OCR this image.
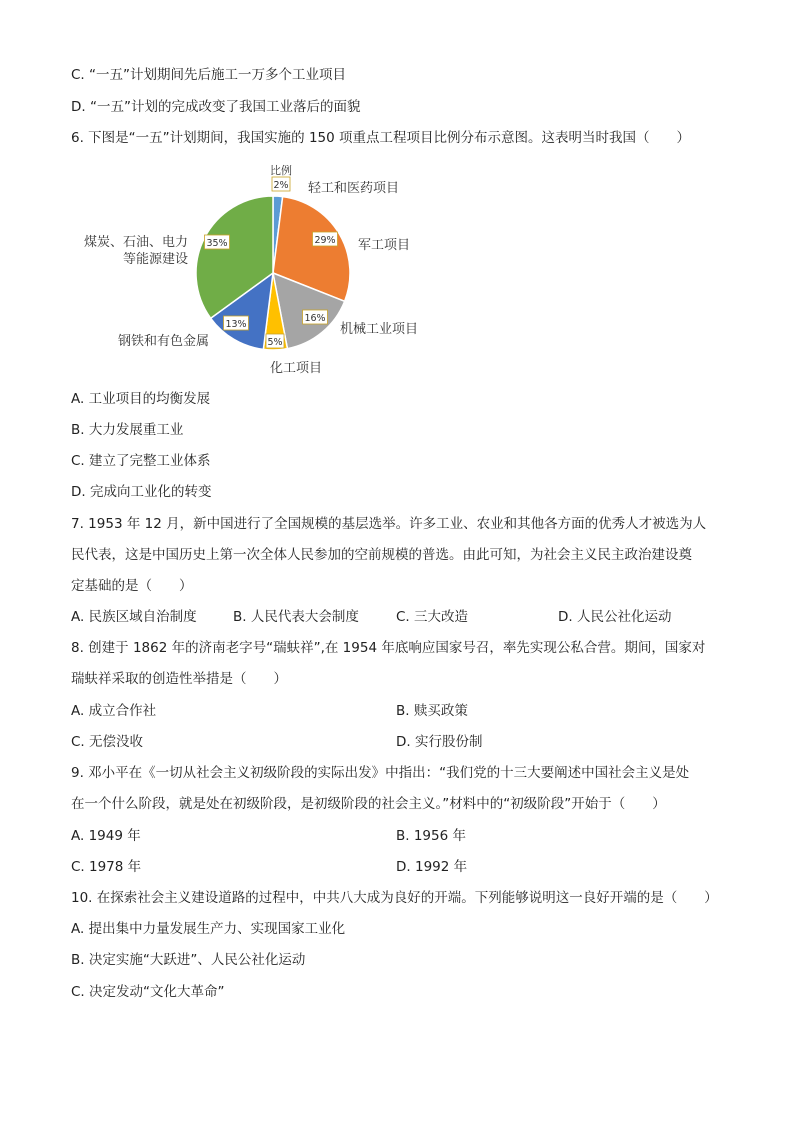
C. “一五”计划期间先后施工一万多个工业项目
D. “一五”计划的完成改变了我国工业落后的面貌
6. 下图是“一五”计划期间，我国实施的 150 项重点工程项目比例分布示意图。这表明当时我国（　　）
比例
2%
29%
16%
5%
13%
35%
轻工和医药项目
军工项目
机械工业项目
化工项目
钢铁和有色金属
煤炭、石油、电力
等能源建设
A. 工业项目的均衡发展
B. 大力发展重工业
C. 建立了完整工业体系
D. 完成向工业化的转变
7. 1953 年 12 月，新中国进行了全国规模的基层选举。许多工业、农业和其他各方面的优秀人才被选为人
民代表，这是中国历史上第一次全体人民参加的空前规模的普选。由此可知，为社会主义民主政治建设奠
定基础的是（　　）
A. 民族区域自治制度	B. 人民代表大会制度	C. 三大改造	D. 人民公社化运动
8. 创建于 1862 年的济南老字号“瑞蚨祥”,在 1954 年底响应国家号召，率先实现公私合营。期间，国家对
瑞蚨祥采取的创造性举措是（　　）
A. 成立合作社	B. 赎买政策
C. 无偿没收	D. 实行股份制
9. 邓小平在《一切从社会主义初级阶段的实际出发》中指出：“我们党的十三大要阐述中国社会主义是处
在一个什么阶段，就是处在初级阶段，是初级阶段的社会主义。”材料中的“初级阶段”开始于（　　）
A. 1949 年	B. 1956 年
C. 1978 年	D. 1992 年
10. 在探索社会主义建设道路的过程中，中共八大成为良好的开端。下列能够说明这一良好开端的是（　　）
A. 提出集中力量发展生产力、实现国家工业化
B. 决定实施“大跃进”、人民公社化运动
C. 决定发动“文化大革命”
